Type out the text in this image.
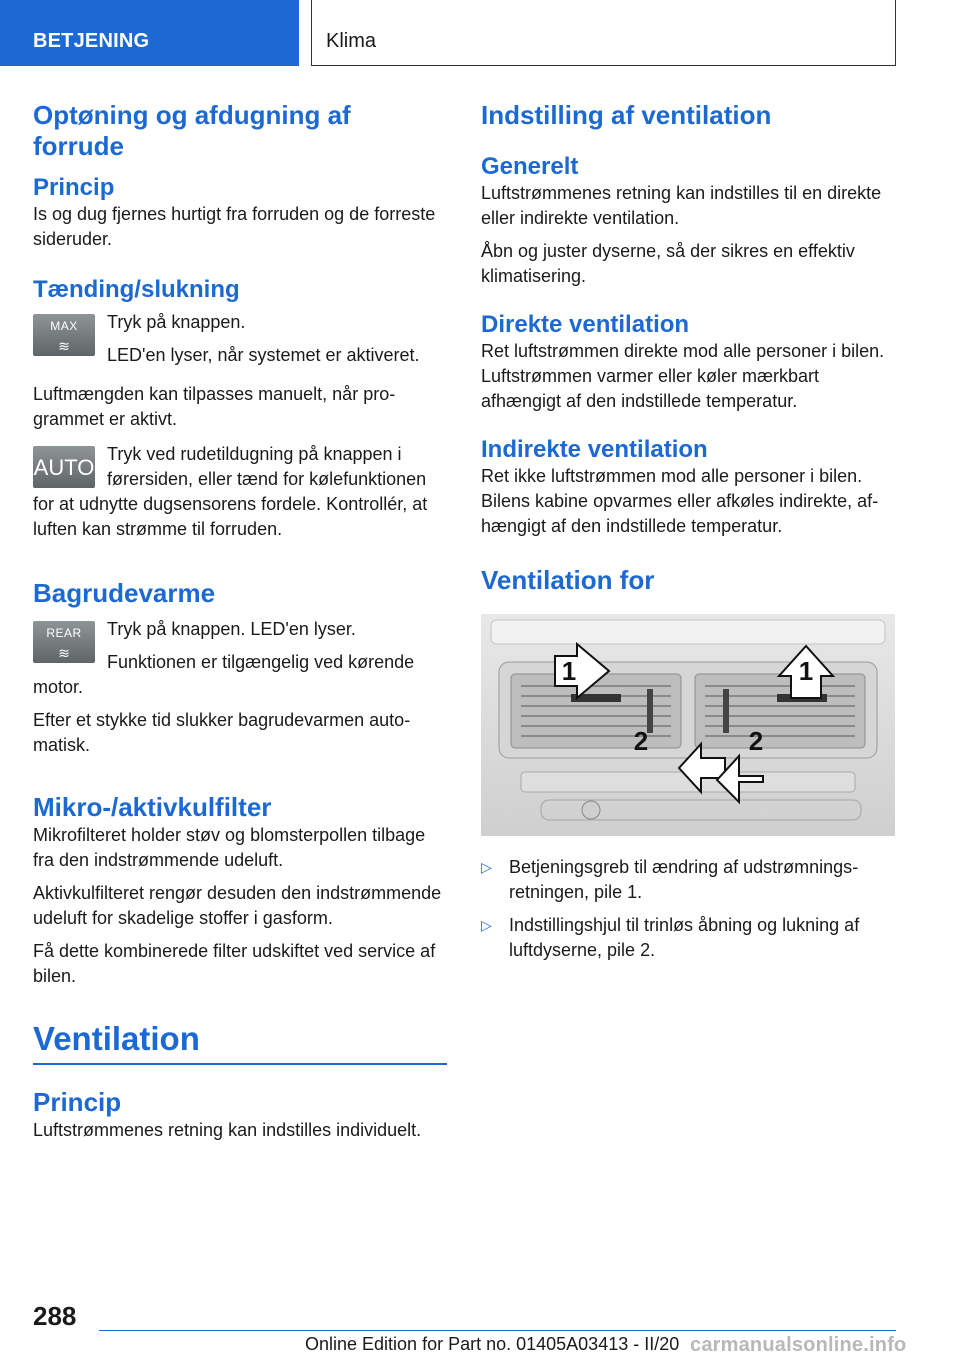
BETJENING	Klima
Optøning og afdugning af forrude
Princip

Is og dug fjernes hurtigt fra forruden og de forreste sideruder.

Tænding/slukning
MAX
≋

Tryk på knappen.

LED'en lyser, når systemet er aktiveret.

Luftmængden kan tilpasses manuelt, når programmet er aktivt.

AUTO

Tryk ved rudetildugning på knappen i førersiden, eller tænd for kølefunktionen for at udnytte dugsensorens fordele. Kontrollér, at luften kan strømme til forruden.

Bagrudevarme
REAR
≋

Tryk på knappen. LED'en lyser.

Funktionen er tilgængelig ved kørende motor.

Efter et stykke tid slukker bagrudevarmen automatisk.

Mikro-/aktivkulfilter

Mikrofilteret holder støv og blomsterpollen tilbage fra den indstrømmende udeluft.

Aktivkulfilteret rengør desuden den indstrømmende udeluft for skadelige stoffer i gasform.

Få dette kombinerede filter udskiftet ved service af bilen.

Ventilation
Princip

Luftstrømmenes retning kan indstilles individuelt.

Indstilling af ventilation
Generelt

Luftstrømmenes retning kan indstilles til en direkte eller indirekte ventilation.

Åbn og juster dyserne, så der sikres en effektiv klimatisering.

Direkte ventilation

Ret luftstrømmen direkte mod alle personer i bilen. Luftstrømmen varmer eller køler mærkbart afhængigt af den indstillede temperatur.

Indirekte ventilation

Ret ikke luftstrømmen mod alle personer i bilen. Bilens kabine opvarmes eller afkøles indirekte, afhængigt af den indstillede temperatur.

Ventilation for
1	1
2	2
▷ Betjeningsgreb til ændring af udstrømningsretningen, pile 1.

▷ Indstillingshjul til trinløs åbning og lukning af luftdyserne, pile 2.

288
Online Edition for Part no. 01405A03413 - II/20 carmanualsonline.info
